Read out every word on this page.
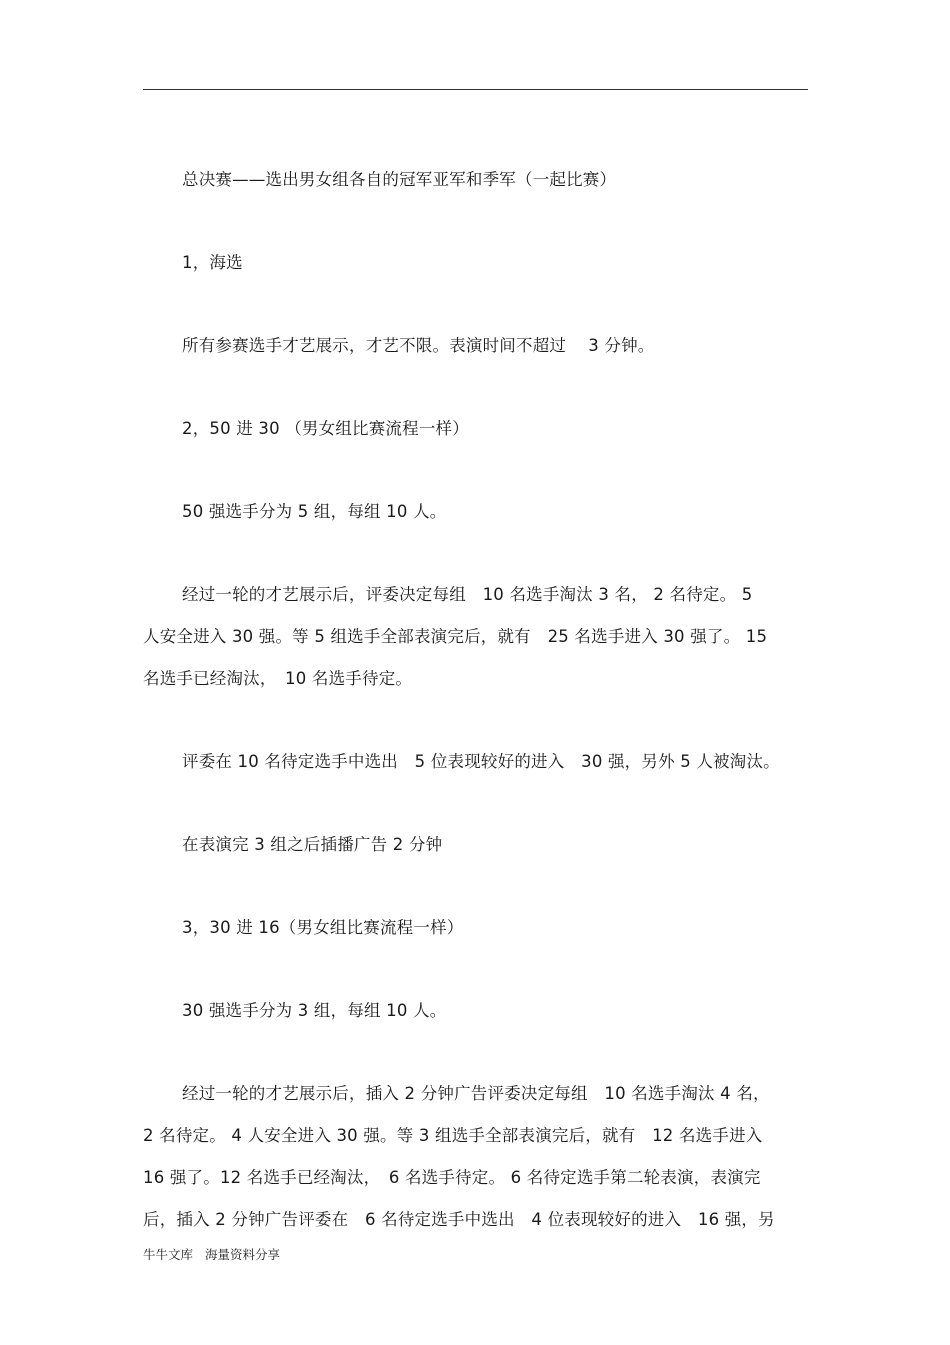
总决赛——选出男女组各自的冠军亚军和季军（一起比赛）

1，海选

所有参赛选手才艺展示，才艺不限。表演时间不超过　 3 分钟。

2，50 进 30 （男女组比赛流程一样）

50 强选手分为 5 组，每组 10 人。

经过一轮的才艺展示后，评委决定每组　10 名选手淘汰 3 名， 2 名待定。 5

人安全进入 30 强。等 5 组选手全部表演完后，就有　25 名选手进入 30 强了。 15

名选手已经淘汰，　10 名选手待定。

评委在 10 名待定选手中选出　5 位表现较好的进入　30 强，另外 5 人被淘汰。

在表演完 3 组之后插播广告 2 分钟

3，30 进 16（男女组比赛流程一样）

30 强选手分为 3 组，每组 10 人。

经过一轮的才艺展示后，插入 2 分钟广告评委决定每组　10 名选手淘汰 4 名，

2 名待定。 4 人安全进入 30 强。等 3 组选手全部表演完后，就有　12 名选手进入

16 强了。12 名选手已经淘汰，　6 名选手待定。 6 名待定选手第二轮表演，表演完

后，插入 2 分钟广告评委在　6 名待定选手中选出　4 位表现较好的进入　16 强，另

牛牛文库 海量资料分享
